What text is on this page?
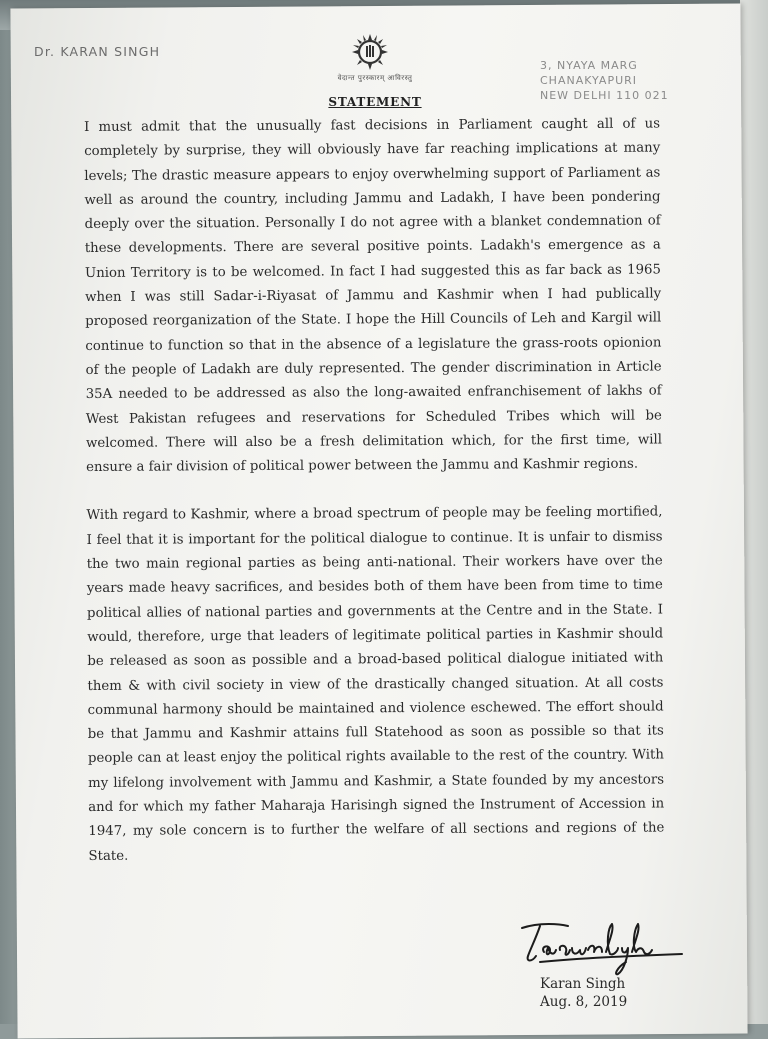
Dr. KARAN SINGH
वेदान्त पुरस्कारम् आविरस्तु
3, NYAYA MARG
CHANAKYAPURI
NEW DELHI 110 021
STATEMENT

I must admit that the unusually fast decisions in Parliament caught all of us completely by surprise, they will obviously have far reaching implications at many levels; The drastic measure appears to enjoy overwhelming support of Parliament as well as around the country, including Jammu and Ladakh, I have been pondering deeply over the situation. Personally I do not agree with a blanket condemnation of these developments. There are several positive points. Ladakh's emergence as a Union Territory is to be welcomed. In fact I had suggested this as far back as 1965 when I was still Sadar-i-Riyasat of Jammu and Kashmir when I had publically proposed reorganization of the State. I hope the Hill Councils of Leh and Kargil will continue to function so that in the absence of a legislature the grass-roots opionion of the people of Ladakh are duly represented. The gender discrimination in Article 35A needed to be addressed as also the long-awaited enfranchisement of lakhs of West Pakistan refugees and reservations for Scheduled Tribes which will be welcomed. There will also be a fresh delimitation which, for the first time, will ensure a fair division of political power between the Jammu and Kashmir regions.

With regard to Kashmir, where a broad spectrum of people may be feeling mortified, I feel that it is important for the political dialogue to continue. It is unfair to dismiss the two main regional parties as being anti-national. Their workers have over the years made heavy sacrifices, and besides both of them have been from time to time political allies of national parties and governments at the Centre and in the State. I would, therefore, urge that leaders of legitimate political parties in Kashmir should be released as soon as possible and a broad-based political dialogue initiated with them & with civil society in view of the drastically changed situation. At all costs communal harmony should be maintained and violence eschewed. The effort should be that Jammu and Kashmir attains full Statehood as soon as possible so that its people can at least enjoy the political rights available to the rest of the country. With my lifelong involvement with Jammu and Kashmir, a State founded by my ancestors and for which my father Maharaja Harisingh signed the Instrument of Accession in 1947, my sole concern is to further the welfare of all sections and regions of the State.

Karan Singh
Aug. 8, 2019
